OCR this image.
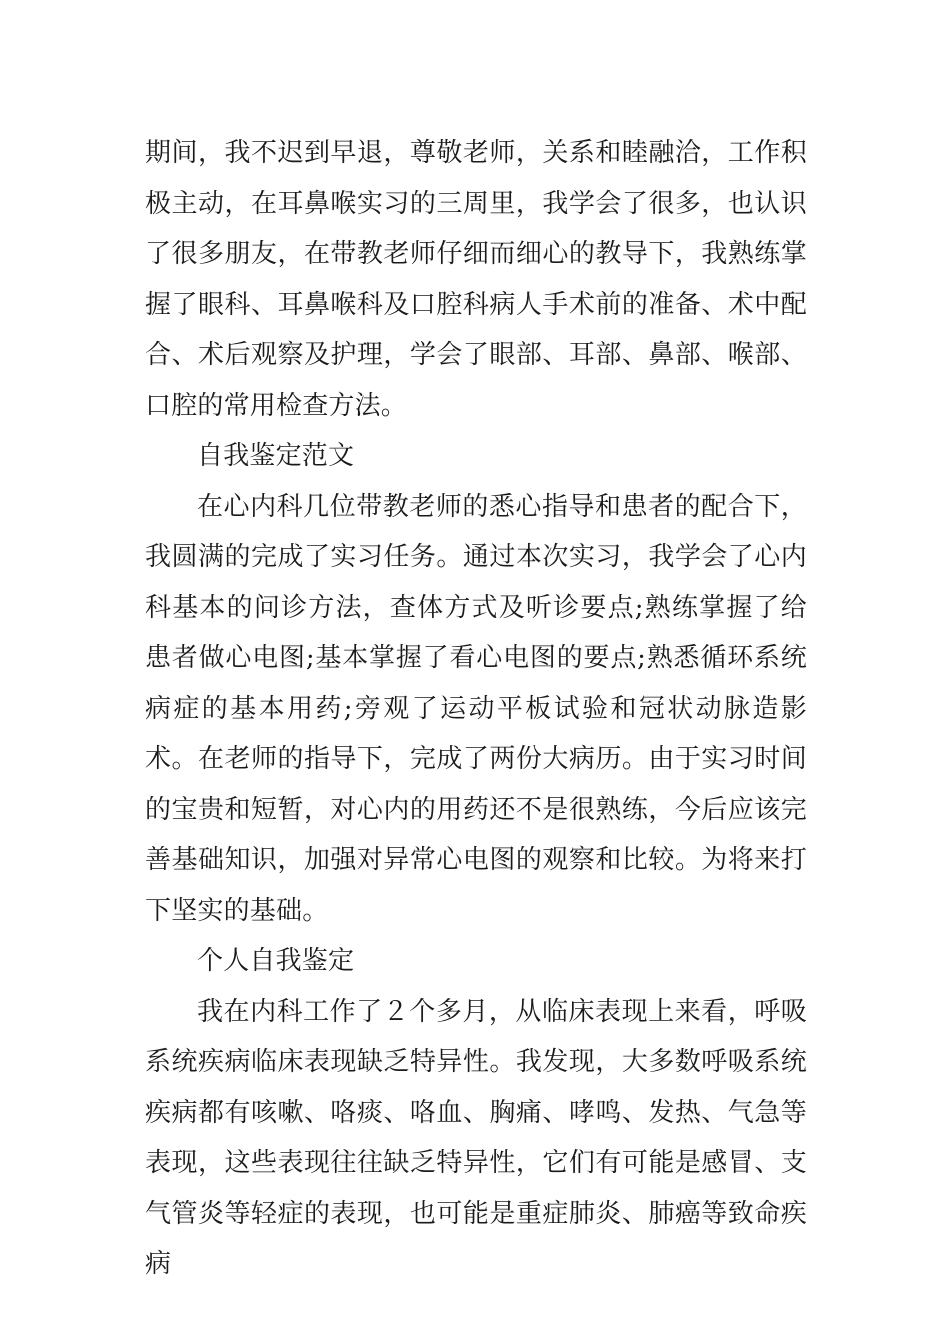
期间，我不迟到早退，尊敬老师，关系和睦融洽，工作积极主动，在耳鼻喉实习的三周里，我学会了很多，也认识了很多朋友，在带教老师仔细而细心的教导下，我熟练掌握了眼科、耳鼻喉科及口腔科病人手术前的准备、术中配合、术后观察及护理，学会了眼部、耳部、鼻部、喉部、口腔的常用检查方法。

自我鉴定范文

在心内科几位带教老师的悉心指导和患者的配合下，我圆满的完成了实习任务。通过本次实习，我学会了心内科基本的问诊方法，查体方式及听诊要点;熟练掌握了给患者做心电图;基本掌握了看心电图的要点;熟悉循环系统病症的基本用药;旁观了运动平板试验和冠状动脉造影术。在老师的指导下，完成了两份大病历。由于实习时间的宝贵和短暂，对心内的用药还不是很熟练，今后应该完善基础知识，加强对异常心电图的观察和比较。为将来打下坚实的基础。

个人自我鉴定

我在内科工作了２个多月，从临床表现上来看，呼吸系统疾病临床表现缺乏特异性。我发现，大多数呼吸系统疾病都有咳嗽、咯痰、咯血、胸痛、哮鸣、发热、气急等表现，这些表现往往缺乏特异性，它们有可能是感冒、支气管炎等轻症的表现，也可能是重症肺炎、肺癌等致命疾病
